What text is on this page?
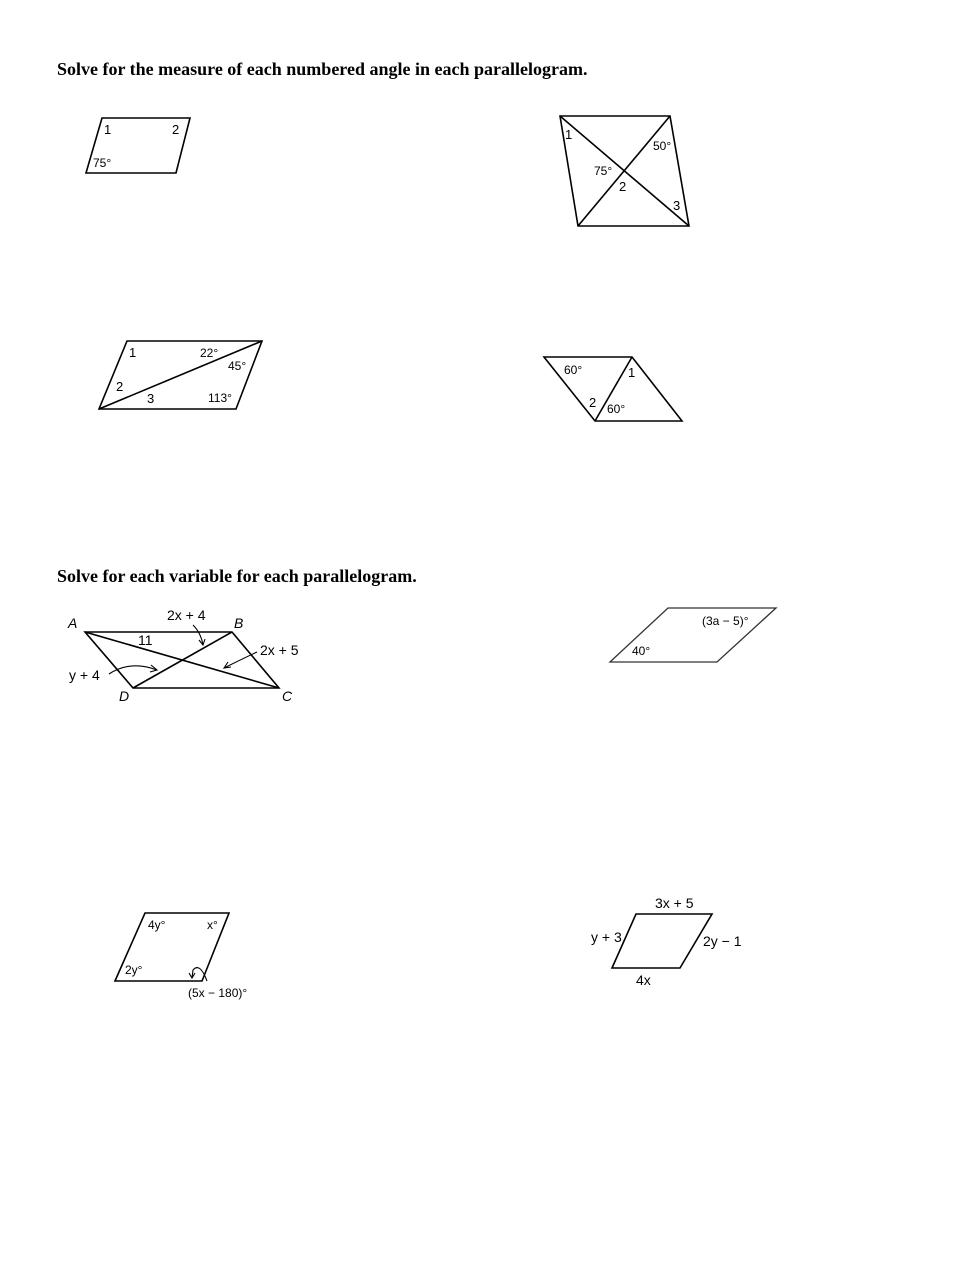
Solve for the measure of each numbered angle in each parallelogram.
Solve for each variable for each parallelogram.
1	2
75°
1
50°
75°
2
3
1	22°
45°
2
3	113°
60°	1
2 60°
A	B
C
D
2x + 4
11
2x + 5
y + 4
(3a − 5)°
40°
4y°	x°
2y°
(5x − 180)°
3x + 5
y + 3	2y − 1
4x
